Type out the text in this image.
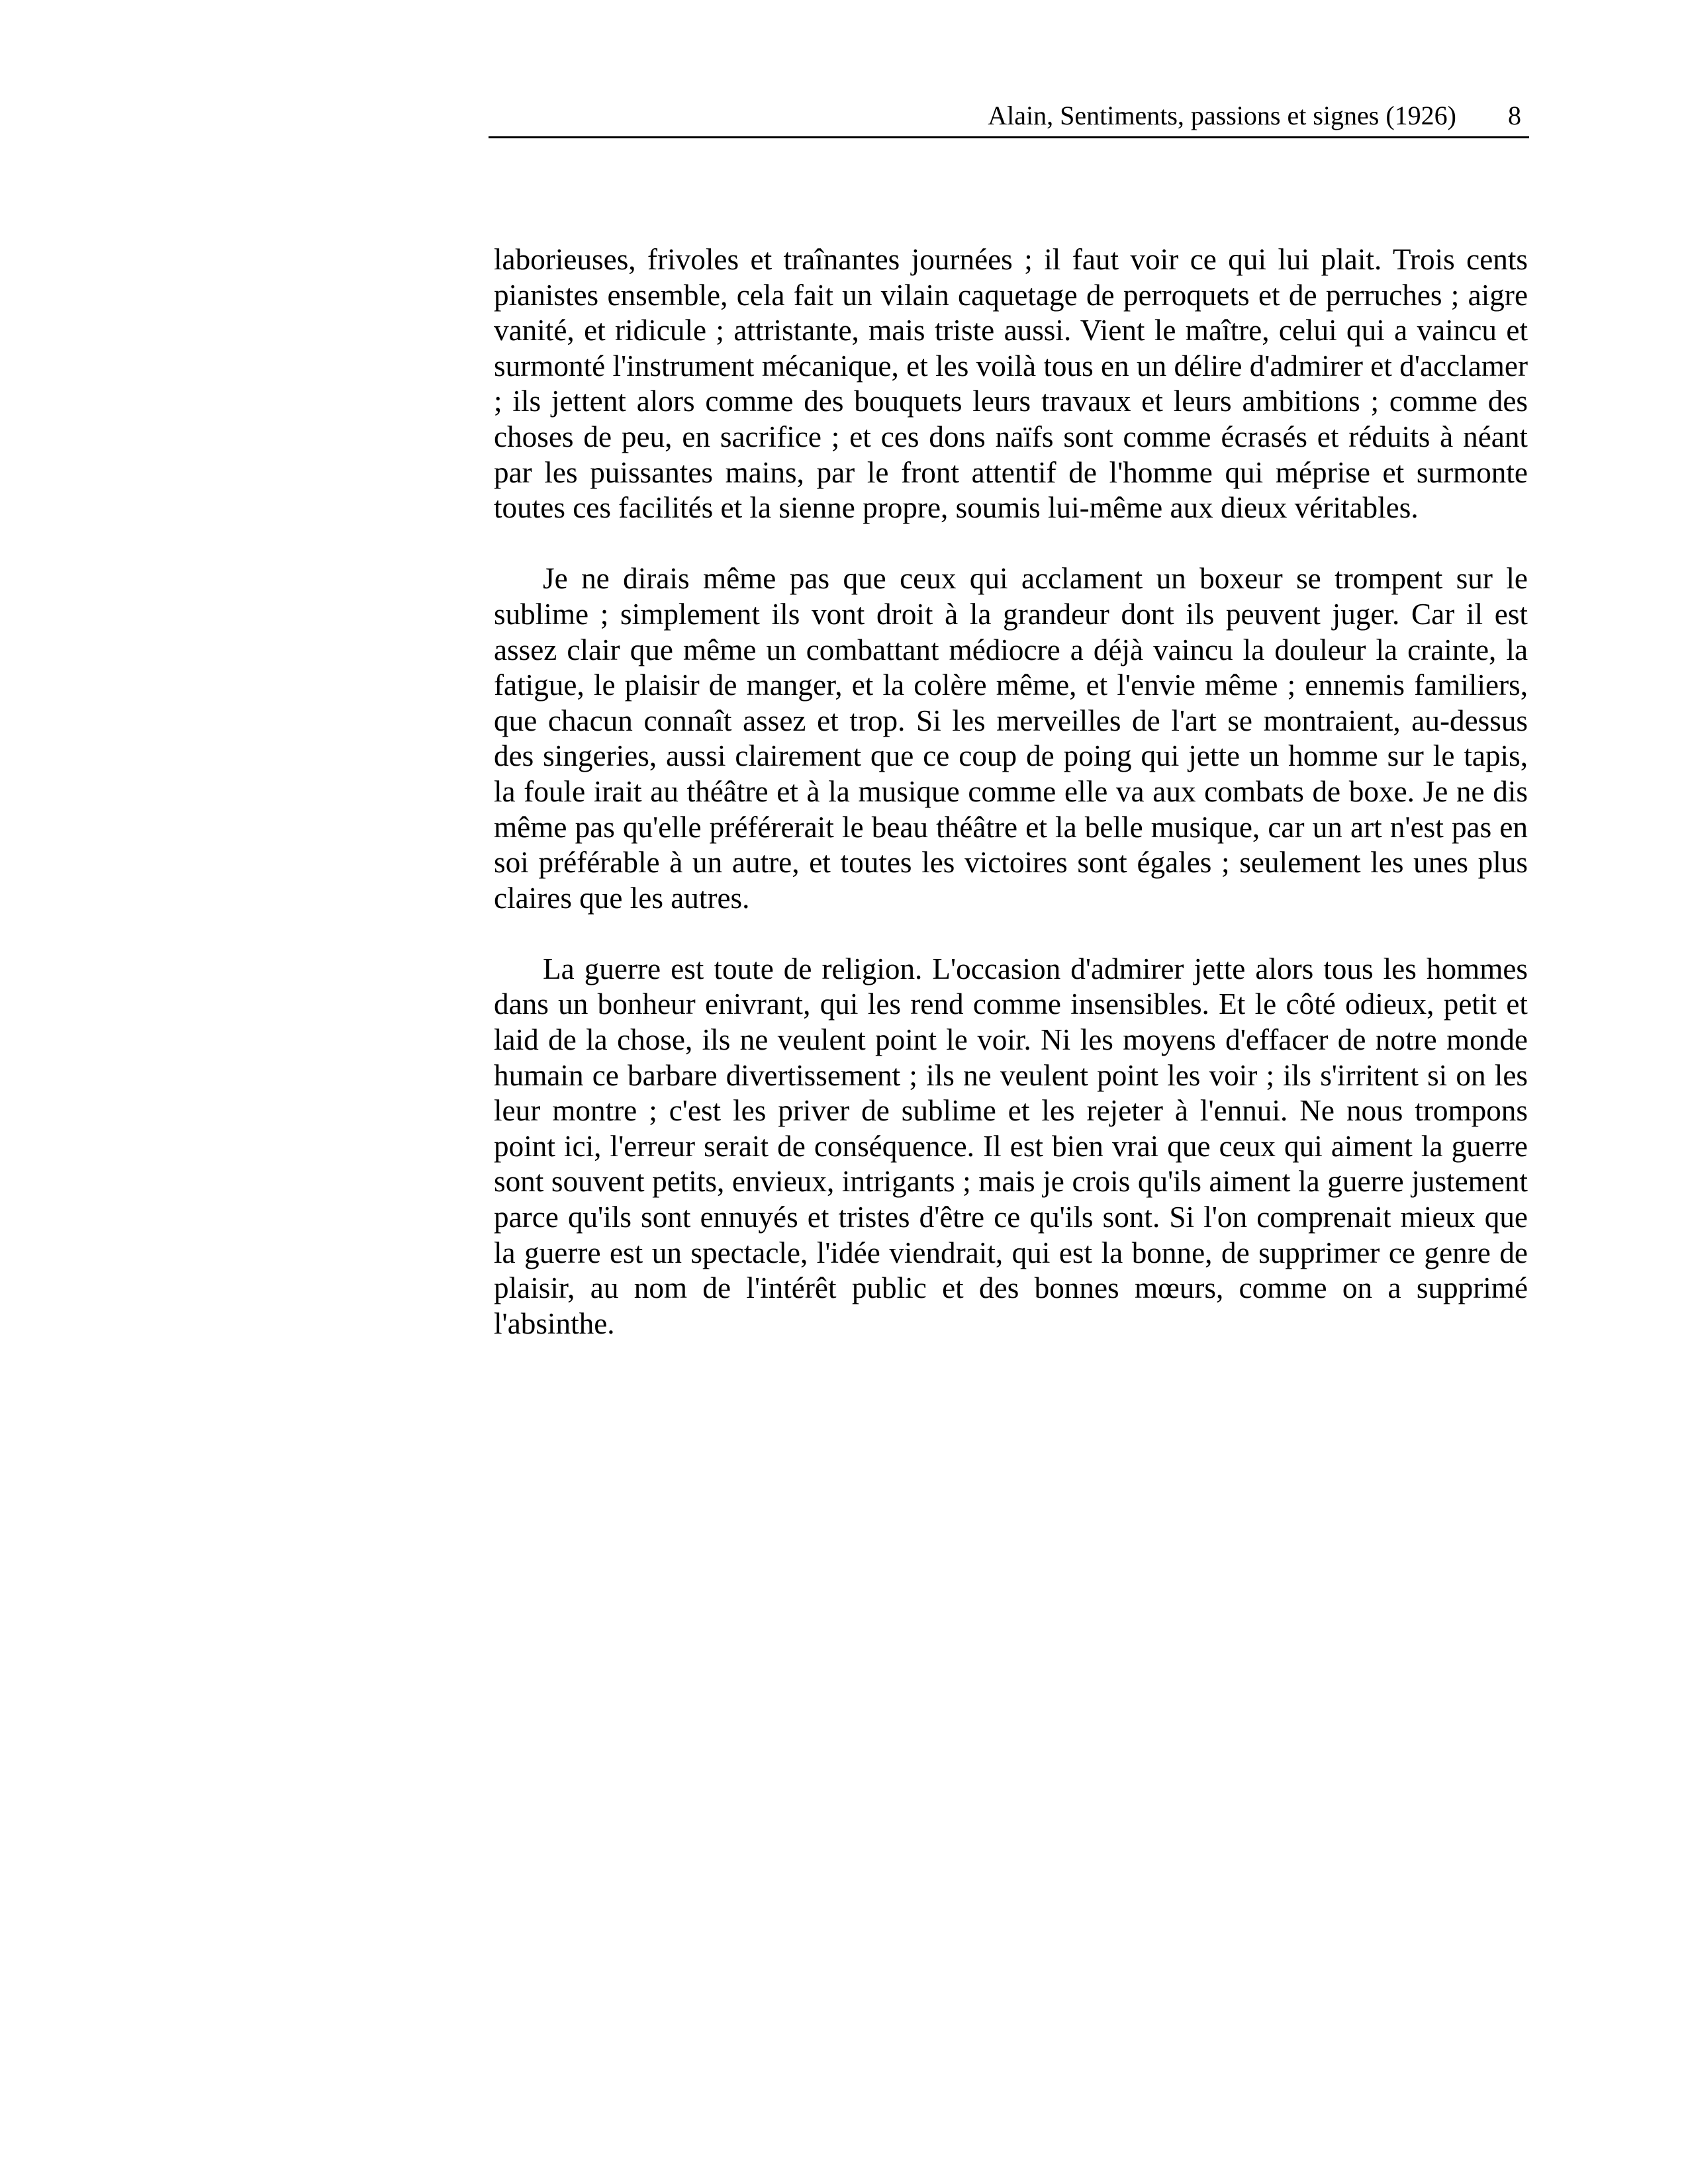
Alain, Sentiments, passions et signes (1926) 8

laborieuses, frivoles et traînantes journées ; il faut voir ce qui lui plait. Trois cents pianistes ensemble, cela fait un vilain caquetage de perroquets et de perruches ; aigre vanité, et ridicule ; attristante, mais triste aussi. Vient le maître, celui qui a vaincu et surmonté l'instrument mécanique, et les voilà tous en un délire d'admirer et d'acclamer ; ils jettent alors comme des bouquets leurs travaux et leurs ambitions ; comme des choses de peu, en sacrifice ; et ces dons naïfs sont comme écrasés et réduits à néant par les puissantes mains, par le front attentif de l'homme qui méprise et surmonte toutes ces facilités et la sienne propre, soumis lui-même aux dieux véritables.

Je ne dirais même pas que ceux qui acclament un boxeur se trompent sur le sublime ; simplement ils vont droit à la grandeur dont ils peuvent juger. Car il est assez clair que même un combattant médiocre a déjà vaincu la douleur la crainte, la fatigue, le plaisir de manger, et la colère même, et l'envie même ; ennemis familiers, que chacun connaît assez et trop. Si les merveilles de l'art se montraient, au-dessus des singeries, aussi clairement que ce coup de poing qui jette un homme sur le tapis, la foule irait au théâtre et à la musique comme elle va aux combats de boxe. Je ne dis même pas qu'elle préférerait le beau théâtre et la belle musique, car un art n'est pas en soi préférable à un autre, et toutes les victoires sont égales ; seulement les unes plus claires que les autres.

La guerre est toute de religion. L'occasion d'admirer jette alors tous les hommes dans un bonheur enivrant, qui les rend comme insensibles. Et le côté odieux, petit et laid de la chose, ils ne veulent point le voir. Ni les moyens d'effacer de notre monde humain ce barbare divertissement ; ils ne veulent point les voir ; ils s'irritent si on les leur montre ; c'est les priver de sublime et les rejeter à l'ennui. Ne nous trompons point ici, l'erreur serait de conséquence. Il est bien vrai que ceux qui aiment la guerre sont souvent petits, envieux, intrigants ; mais je crois qu'ils aiment la guerre justement parce qu'ils sont ennuyés et tristes d'être ce qu'ils sont. Si l'on comprenait mieux que la guerre est un spectacle, l'idée viendrait, qui est la bonne, de supprimer ce genre de plaisir, au nom de l'intérêt public et des bonnes mœurs, comme on a supprimé l'absinthe.
